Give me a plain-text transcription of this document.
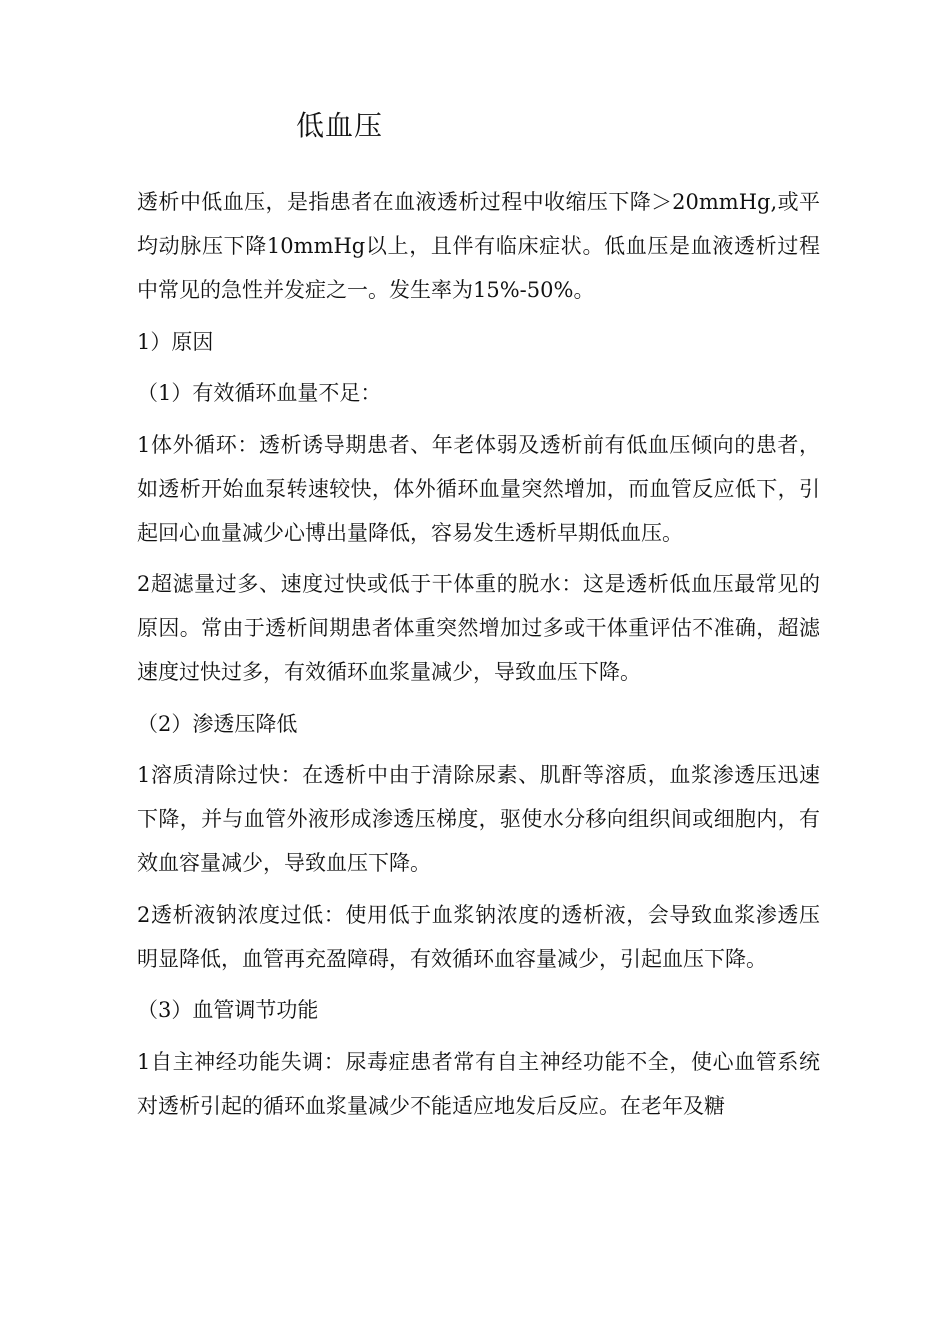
低血压

透析中低血压，是指患者在血液透析过程中收缩压下降＞20mmHg,或平均动脉压下降10mmHg以上，且伴有临床症状。低血压是血液透析过程中常见的急性并发症之一。发生率为15%-50%。

1）原因

（1）有效循环血量不足：

1体外循环：透析诱导期患者、年老体弱及透析前有低血压倾向的患者，如透析开始血泵转速较快，体外循环血量突然增加，而血管反应低下，引起回心血量减少心博出量降低，容易发生透析早期低血压。

2超滤量过多、速度过快或低于干体重的脱水：这是透析低血压最常见的原因。常由于透析间期患者体重突然增加过多或干体重评估不准确，超滤速度过快过多，有效循环血浆量减少，导致血压下降。

（2）渗透压降低

1溶质清除过快：在透析中由于清除尿素、肌酐等溶质，血浆渗透压迅速下降，并与血管外液形成渗透压梯度，驱使水分移向组织间或细胞内，有效血容量减少，导致血压下降。

2透析液钠浓度过低：使用低于血浆钠浓度的透析液，会导致血浆渗透压明显降低，血管再充盈障碍，有效循环血容量减少，引起血压下降。

（3）血管调节功能

1自主神经功能失调：尿毒症患者常有自主神经功能不全，使心血管系统对透析引起的循环血浆量减少不能适应地发后反应。在老年及糖
